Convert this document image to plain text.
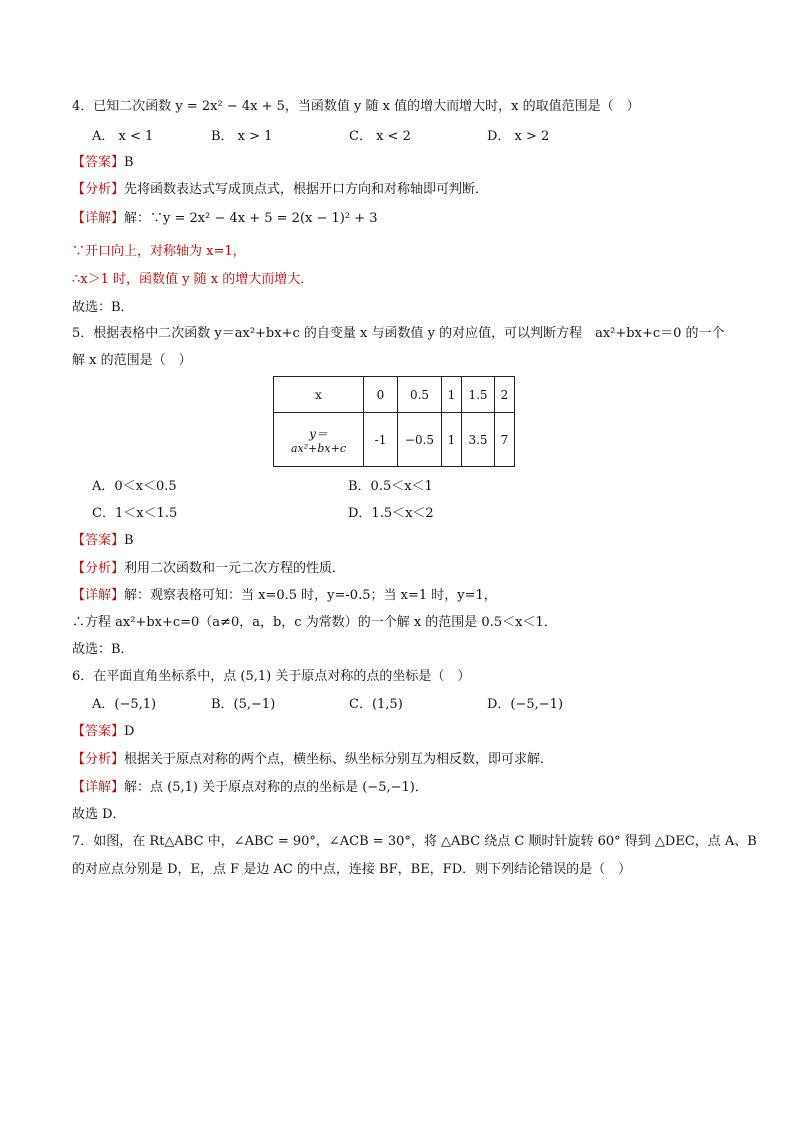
4．已知二次函数 y = 2x² − 4x + 5，当函数值 y 随 x 值的增大而增大时，x 的取值范围是（　）
A． x < 1	B． x > 1	C． x < 2	D． x > 2
【答案】B
【分析】先将函数表达式写成顶点式，根据开口方向和对称轴即可判断．
【详解】解：∵y = 2x² − 4x + 5 = 2(x − 1)² + 3
∵开口向上，对称轴为 x=1，
∴x＞1 时，函数值 y 随 x 的增大而增大．
故选：B．
5．根据表格中二次函数 y＝ax²+bx+c 的自变量 x 与函数值 y 的对应值，可以判断方程　ax²+bx+c＝0 的一个
解 x 的范围是（　）
x	0	0.5	1	1.5	2

y＝
ax²+bx+c	-1	−0.5	1	3.5	7
A．0＜x＜0.5	B．0.5＜x＜1
C．1＜x＜1.5	D．1.5＜x＜2
【答案】B
【分析】利用二次函数和一元二次方程的性质．
【详解】解：观察表格可知：当 x=0.5 时，y=-0.5；当 x=1 时，y=1，
∴方程 ax²+bx+c=0（a≠0，a，b，c 为常数）的一个解 x 的范围是 0.5＜x＜1．
故选：B．
6．在平面直角坐标系中，点 (5,1) 关于原点对称的点的坐标是（　）
A．(−5,1)	B．(5,−1)	C．(1,5)	D．(−5,−1)
【答案】D
【分析】根据关于原点对称的两个点，横坐标、纵坐标分别互为相反数，即可求解．
【详解】解：点 (5,1) 关于原点对称的点的坐标是 (−5,−1)．
故选 D．
7．如图，在 Rt△ABC 中，∠ABC = 90°，∠ACB = 30°，将 △ABC 绕点 C 顺时针旋转 60° 得到 △DEC，点 A、B
的对应点分别是 D，E，点 F 是边 AC 的中点，连接 BF，BE，FD．则下列结论错误的是（　）
